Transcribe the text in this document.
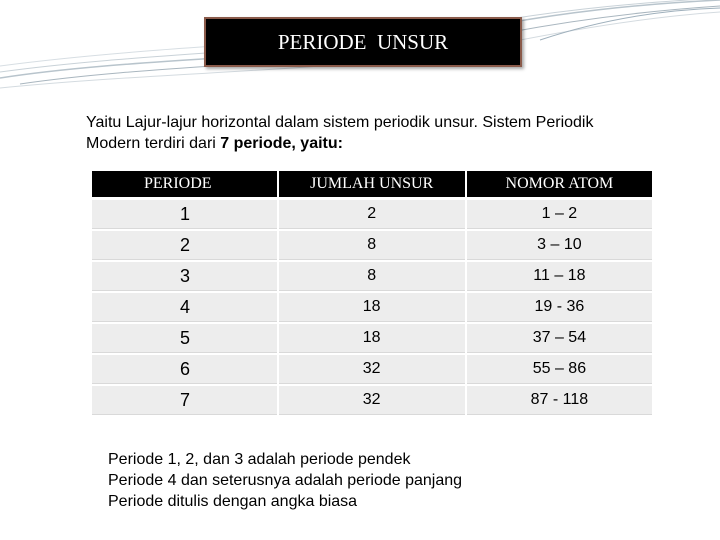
PERIODE  UNSUR
Yaitu Lajur-lajur horizontal dalam sistem periodik unsur. Sistem Periodik Modern terdiri dari 7 periode, yaitu:
PERIODE	JUMLAH UNSUR	NOMOR ATOM
1	2	1 – 2
2	8	3 – 10
3	8	11 – 18
4	18	19 - 36
5	18	37 – 54
6	32	55 – 86
7	32	87 - 118
Periode 1, 2, dan 3 adalah periode pendek
Periode 4 dan seterusnya adalah periode panjang
Periode ditulis dengan angka biasa
